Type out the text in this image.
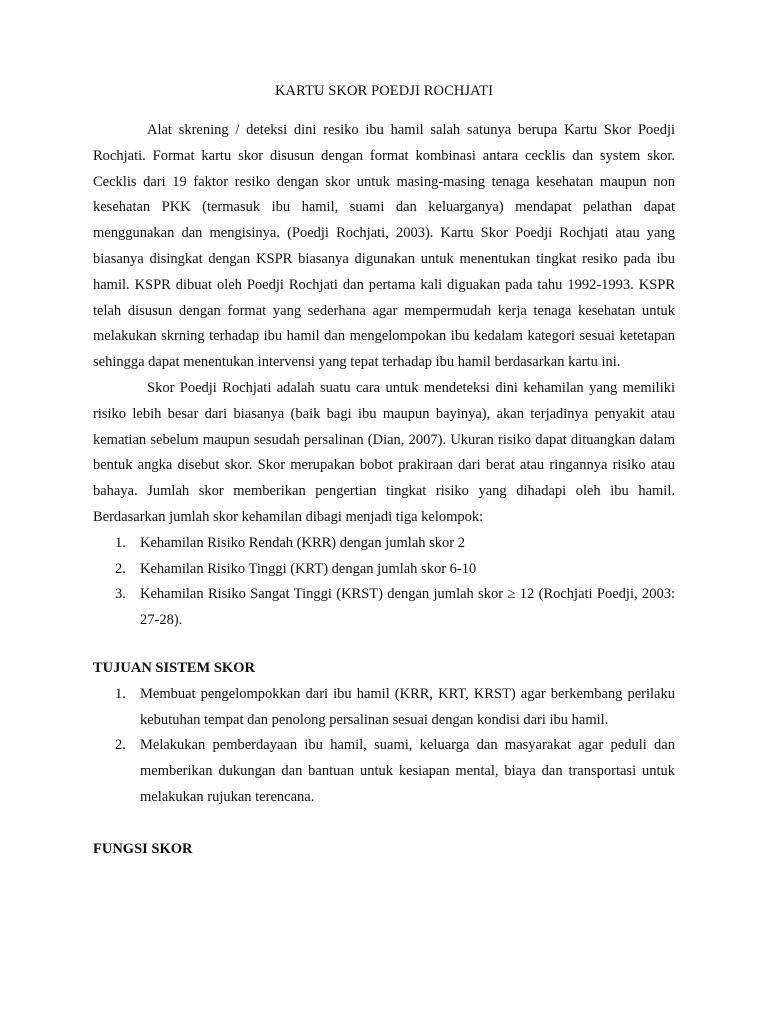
KARTU SKOR POEDJI ROCHJATI

Alat skrening / deteksi dini resiko ibu hamil salah satunya berupa Kartu Skor Poedji Rochjati. Format kartu skor disusun dengan format kombinasi antara cecklis dan system skor. Cecklis dari 19 faktor resiko dengan skor untuk masing-masing tenaga kesehatan maupun non kesehatan PKK (termasuk ibu hamil, suami dan keluarganya) mendapat pelathan dapat menggunakan dan mengisinya. (Poedji Rochjati, 2003). Kartu Skor Poedji Rochjati atau yang biasanya disingkat dengan KSPR biasanya digunakan untuk menentukan tingkat resiko pada ibu hamil. KSPR dibuat oleh Poedji Rochjati dan pertama kali diguakan pada tahu 1992-1993. KSPR telah disusun dengan format yang sederhana agar mempermudah kerja tenaga kesehatan untuk melakukan skrning terhadap ibu hamil dan mengelompokan ibu kedalam kategori sesuai ketetapan sehingga dapat menentukan intervensi yang tepat terhadap ibu hamil berdasarkan kartu ini.

Skor Poedji Rochjati adalah suatu cara untuk mendeteksi dini kehamilan yang memiliki risiko lebih besar dari biasanya (baik bagi ibu maupun bayinya), akan terjadinya penyakit atau kematian sebelum maupun sesudah persalinan (Dian, 2007). Ukuran risiko dapat dituangkan dalam bentuk angka disebut skor. Skor merupakan bobot prakiraan dari berat atau ringannya risiko atau bahaya. Jumlah skor memberikan pengertian tingkat risiko yang dihadapi oleh ibu hamil. Berdasarkan jumlah skor kehamilan dibagi menjadi tiga kelompok:

1. Kehamilan Risiko Rendah (KRR) dengan jumlah skor 2
2. Kehamilan Risiko Tinggi (KRT) dengan jumlah skor 6-10
3. Kehamilan Risiko Sangat Tinggi (KRST) dengan jumlah skor ≥ 12 (Rochjati Poedji, 2003: 27-28).
TUJUAN SISTEM SKOR
1. Membuat pengelompokkan dari ibu hamil (KRR, KRT, KRST) agar berkembang perilaku kebutuhan tempat dan penolong persalinan sesuai dengan kondisi dari ibu hamil.
2. Melakukan pemberdayaan ibu hamil, suami, keluarga dan masyarakat agar peduli dan memberikan dukungan dan bantuan untuk kesiapan mental, biaya dan transportasi untuk melakukan rujukan terencana.
FUNGSI SKOR
